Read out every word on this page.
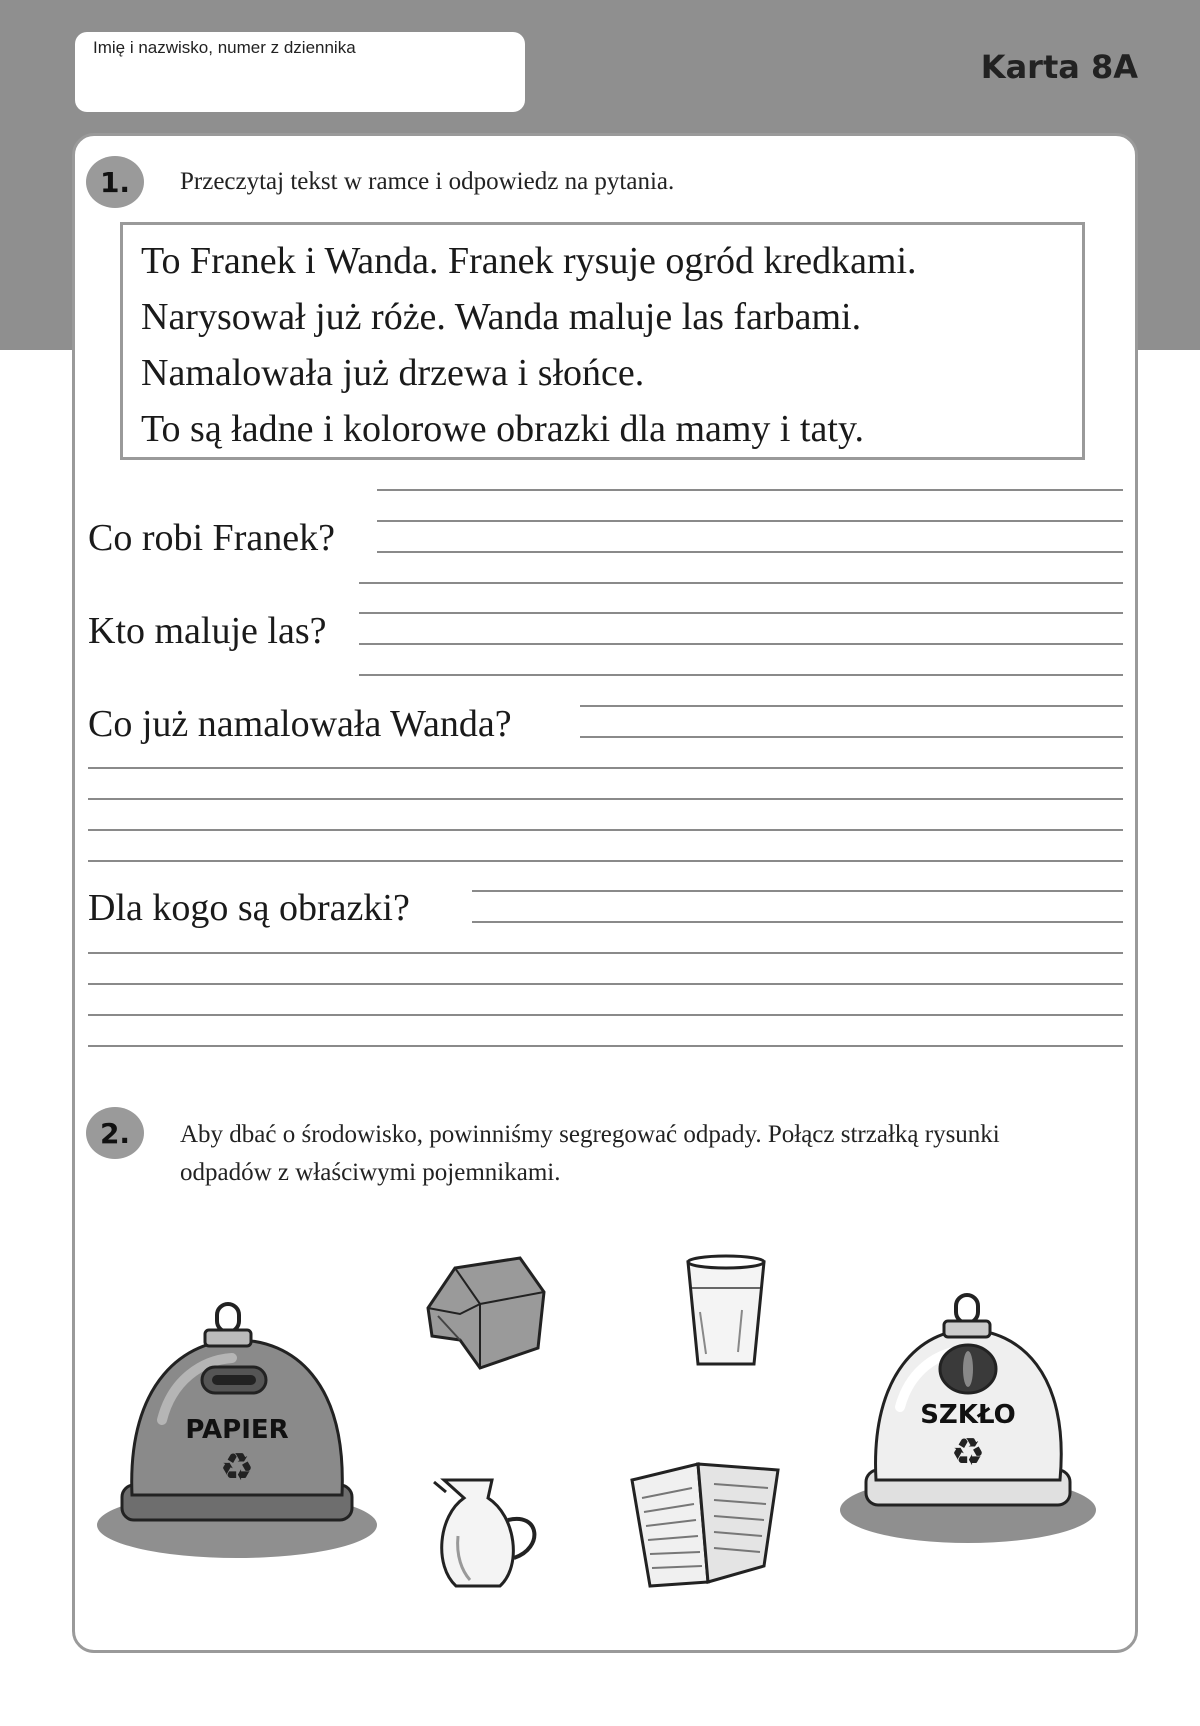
Imię i nazwisko, numer z dziennika
Karta 8A
1.	Przeczytaj tekst w ramce i odpowiedz na pytania.
To Franek i Wanda. Franek rysuje ogród kredkami.
Narysował już róże. Wanda maluje las farbami.
Namalowała już drzewa i słońce.
To są ładne i kolorowe obrazki dla mamy i taty.
Co robi Franek?
Kto maluje las?
Co już namalowała Wanda?
Dla kogo są obrazki?
2.	Aby dbać o środowisko, powinniśmy segregować odpady. Połącz strzałką rysunki
odpadów z właściwymi pojemnikami.
PAPIER
♻
SZKŁO
♻
